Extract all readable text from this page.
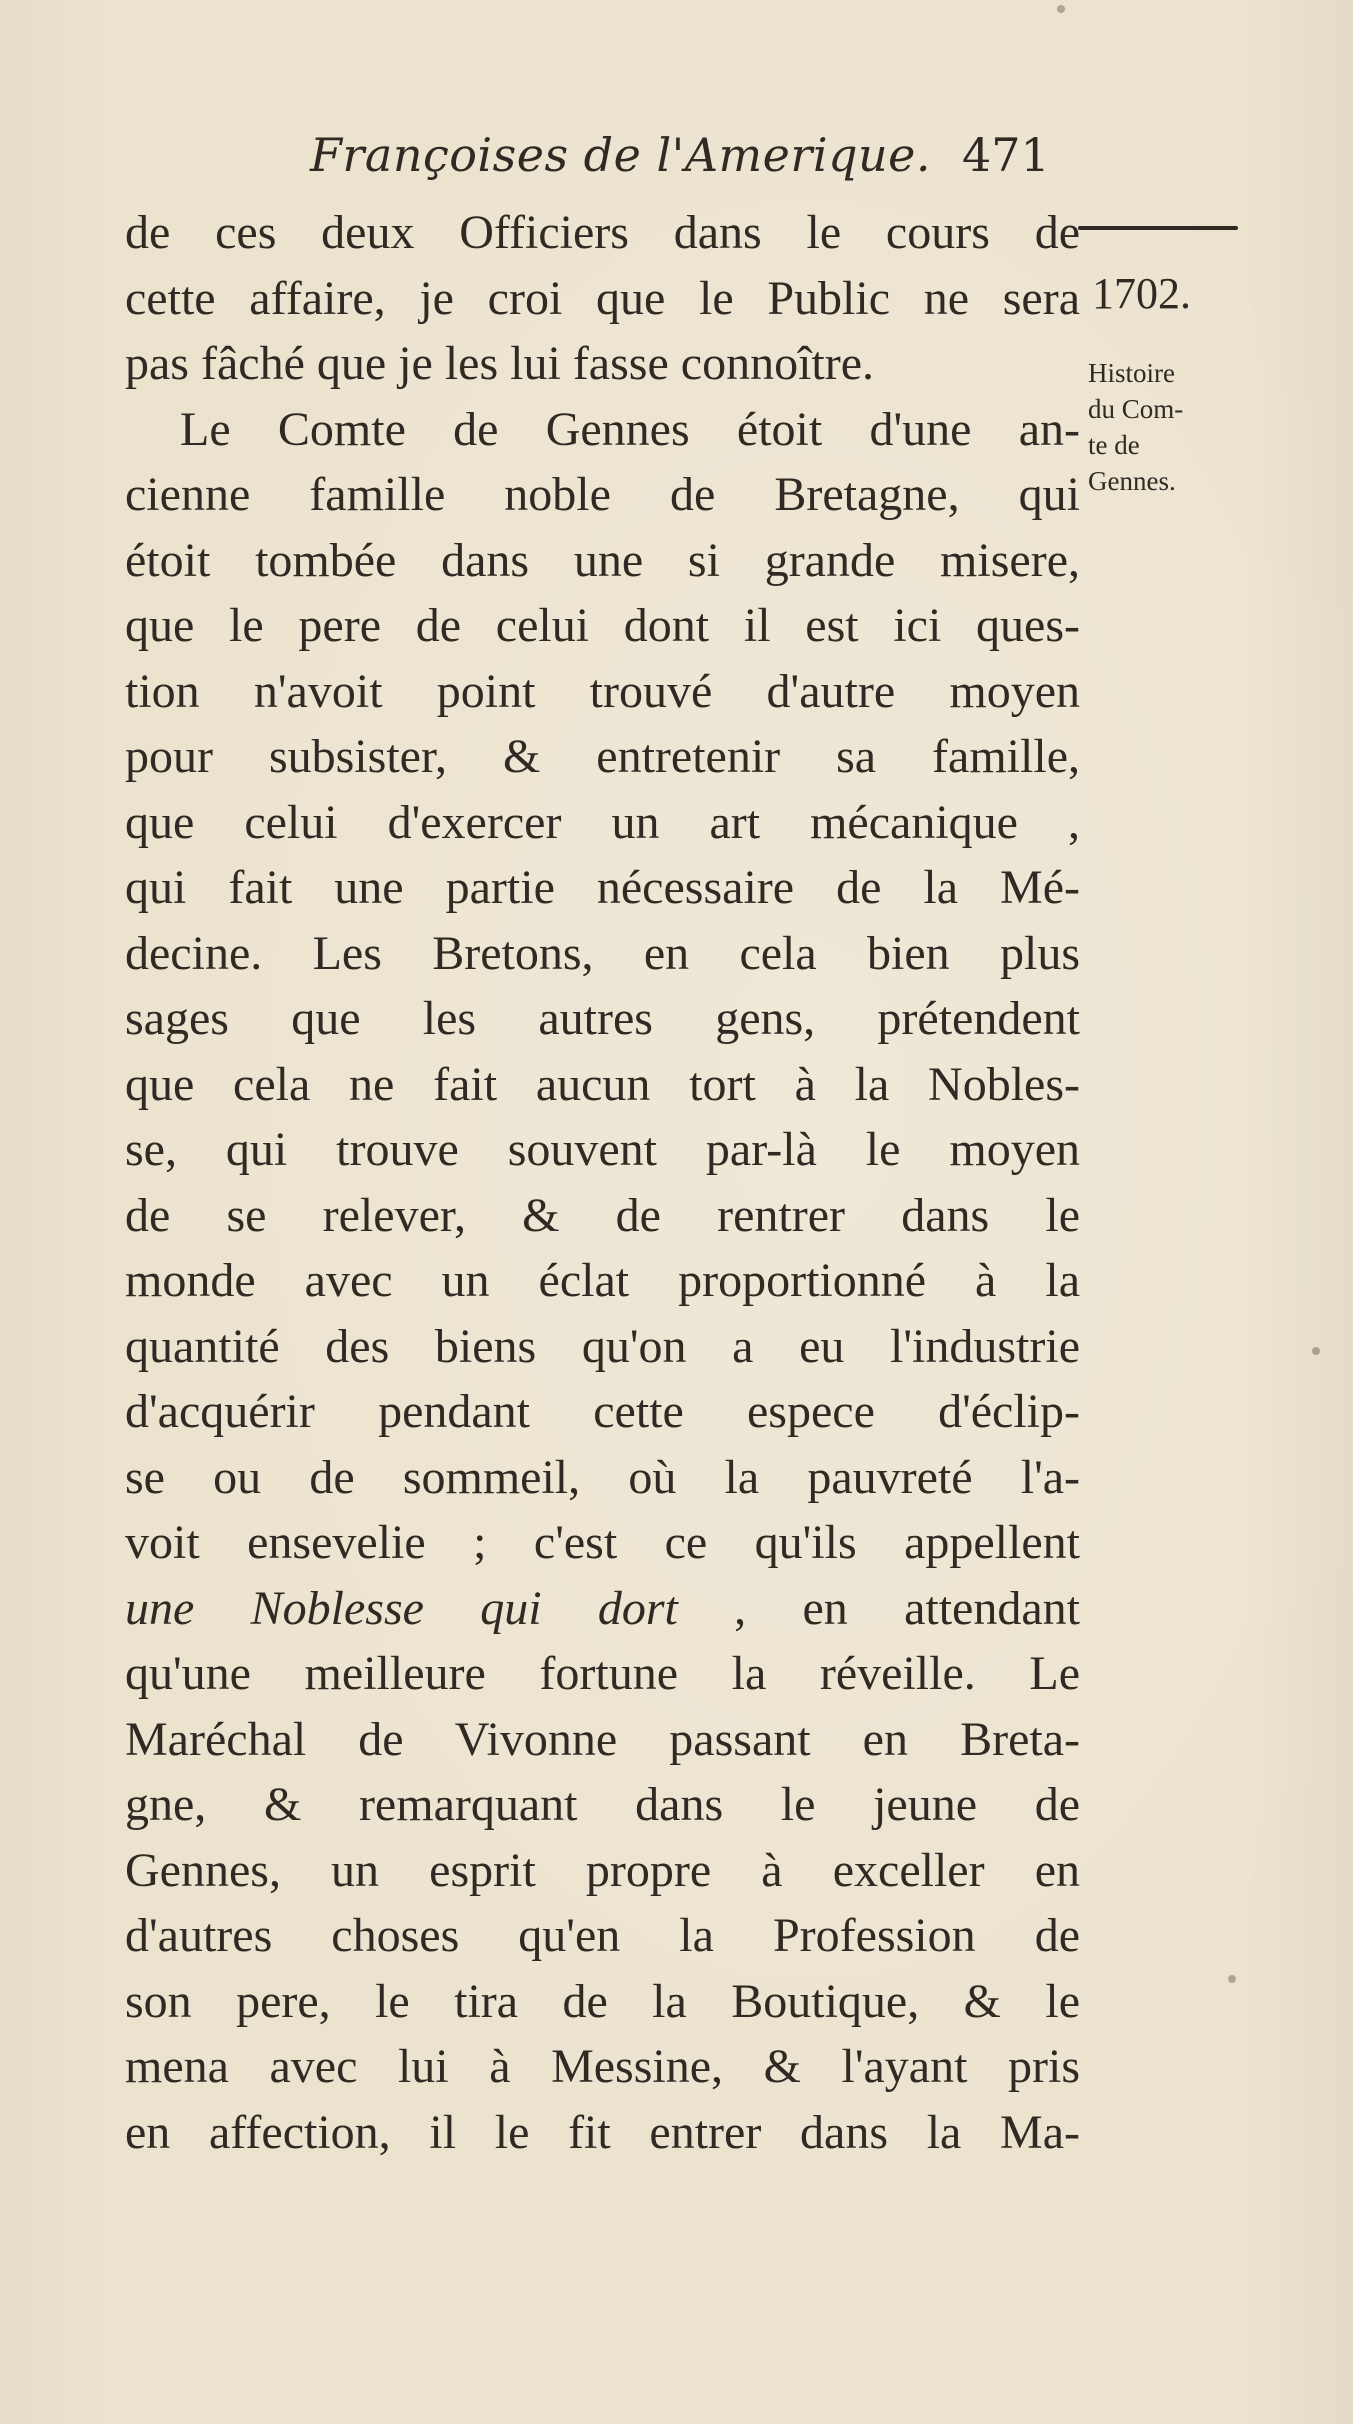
Françoises de l'Amerique. 471
1702.
Histoire
du Com-
te de
Gennes.
de ces deux Officiers dans le cours de
cette affaire, je croi que le Public ne sera
pas fâché que je les lui fasse connoître.
Le Comte de Gennes étoit d'une an-
cienne famille noble de Bretagne, qui
étoit tombée dans une si grande misere,
que le pere de celui dont il est ici ques-
tion n'avoit point trouvé d'autre moyen
pour subsister, & entretenir sa famille,
que celui d'exercer un art mécanique ,
qui fait une partie nécessaire de la Mé-
decine. Les Bretons, en cela bien plus
sages que les autres gens, prétendent
que cela ne fait aucun tort à la Nobles-
se, qui trouve souvent par-là le moyen
de se relever, & de rentrer dans le
monde avec un éclat proportionné à la
quantité des biens qu'on a eu l'industrie
d'acquérir pendant cette espece d'éclip-
se ou de sommeil, où la pauvreté l'a-
voit ensevelie ; c'est ce qu'ils appellent
une Noblesse qui dort , en attendant
qu'une meilleure fortune la réveille. Le
Maréchal de Vivonne passant en Breta-
gne, & remarquant dans le jeune de
Gennes, un esprit propre à exceller en
d'autres choses qu'en la Profession de
son pere, le tira de la Boutique, & le
mena avec lui à Messine, & l'ayant pris
en affection, il le fit entrer dans la Ma-
